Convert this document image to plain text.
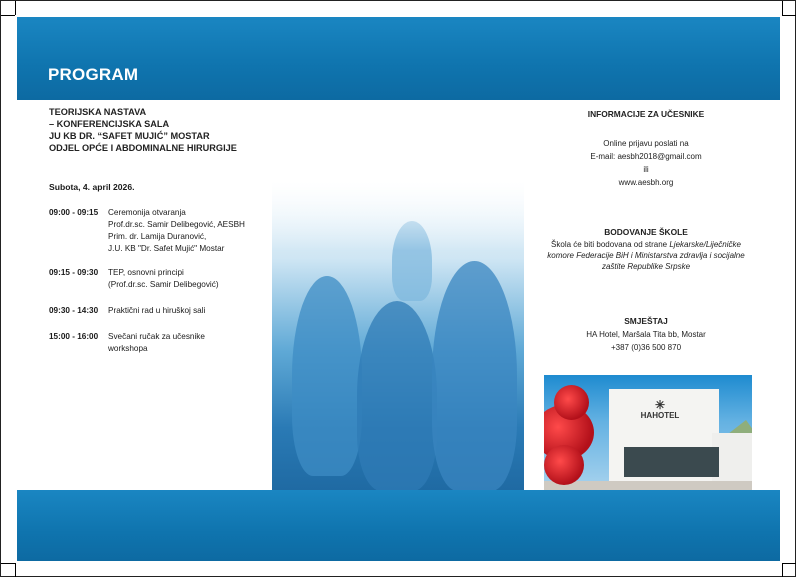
PROGRAM
TEORIJSKA NASTAVA
– KONFERENCIJSKA SALA
JU KB DR. “SAFET MUJIĆ” MOSTAR
ODJEL OPĆE I ABDOMINALNE HIRURGIJE
Subota, 4. april 2026.
09:00 - 09:15 Ceremonija otvaranja
Prof.dr.sc. Samir Delibegović, AESBH
Prim. dr. Lamija Duranović,
J.U. KB "Dr. Safet Mujić" Mostar
09:15 - 09:30 TEP, osnovni principi
(Prof.dr.sc. Samir Delibegović)
09:30 - 14:30 Praktični rad u hiruškoj sali
15:00 - 16:00 Svečani ručak za učesnike
workshopa
INFORMACIJE ZA UČESNIKE
Online prijavu poslati na
E-mail: aesbh2018@gmail.com
ili
www.aesbh.org
BODOVANJE ŠKOLE
Škola će biti bodovana od strane Ljekarske/Liječničke
komore Federacije BiH i Ministarstva zdravlja i socijalne
zaštite Republike Srpske
SMJEŠTAJ
HA Hotel, Maršala Tita bb, Mostar
+387 (0)36 500 870
✳
HAHOTEL
